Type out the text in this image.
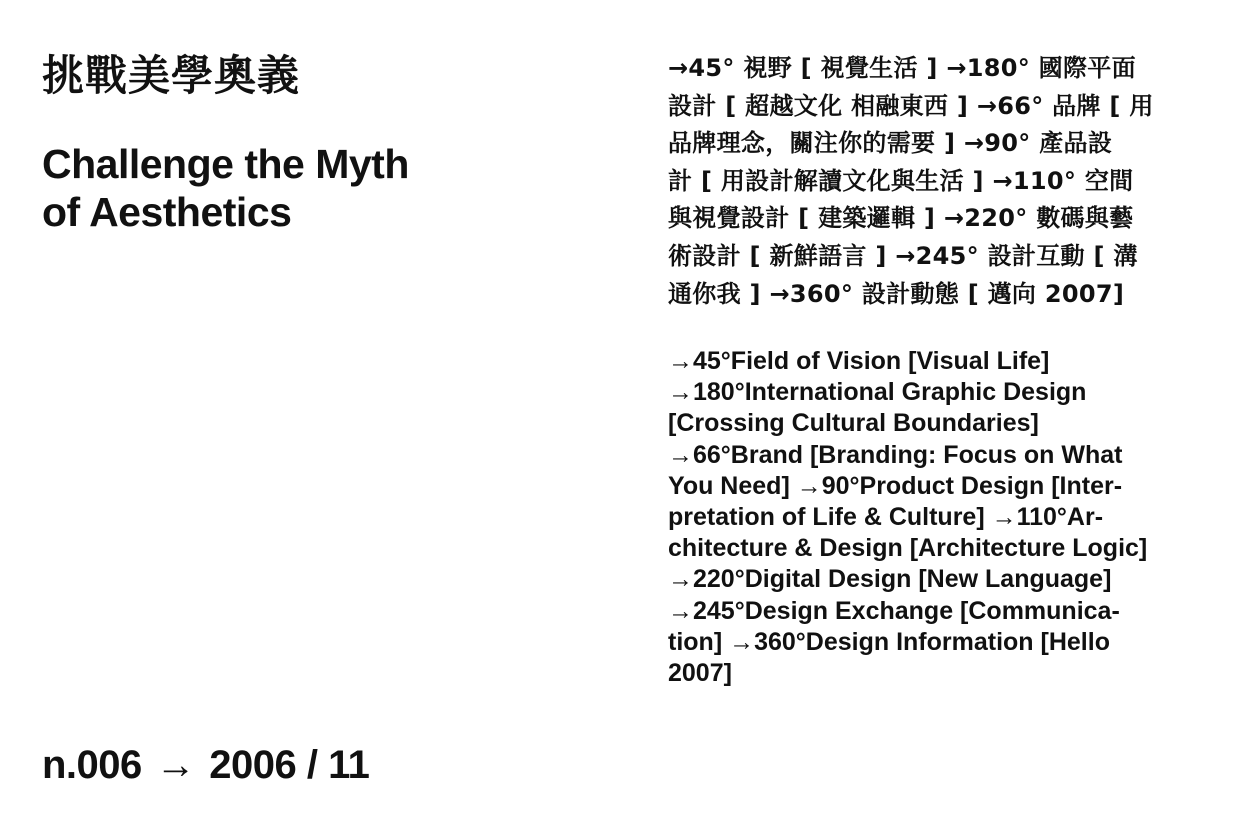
挑戰美學奧義
Challenge the Myth
of Aesthetics
→45° 視野 [ 視覺生活 ] →180° 國際平面
設計 [ 超越文化 相融東西 ] →66° 品牌 [ 用
品牌理念，關注你的需要 ] →90° 產品設
計 [ 用設計解讀文化與生活 ] →110° 空間
與視覺設計 [ 建築邏輯 ] →220° 數碼與藝
術設計 [ 新鮮語言 ] →245° 設計互動 [ 溝
通你我 ] →360° 設計動態 [ 邁向 2007]
→45°Field of Vision [Visual Life]
→180°International Graphic Design
[Crossing Cultural Boundaries]
→66°Brand [Branding: Focus on What
You Need] →90°Product Design [Inter-
pretation of Life & Culture] →110°Ar-
chitecture & Design [Architecture Logic]
→220°Digital Design [New Language]
→245°Design Exchange [Communica-
tion] →360°Design Information [Hello
2007]
n.006 → 2006 / 11
